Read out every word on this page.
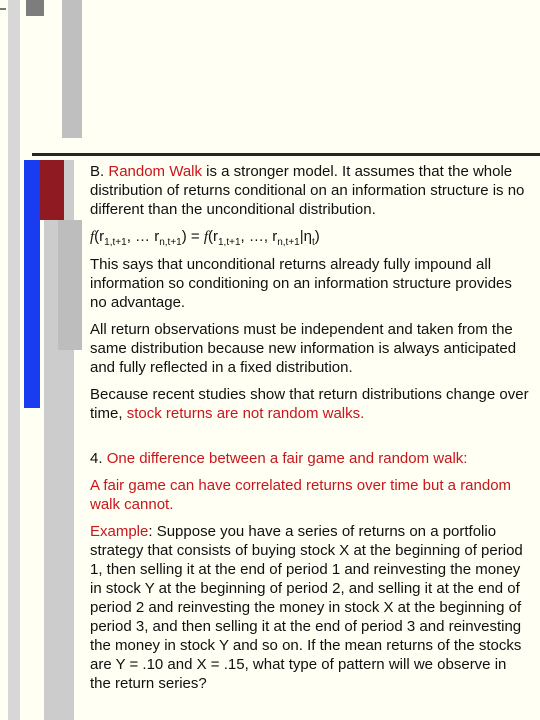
B. Random Walk is a stronger model. It assumes that the whole distribution of returns conditional on an information structure is no different than the unconditional distribution.

$f(r_{1,t+1}$, … $r_{n,t+1}) = f(r_{1,t+1}$, …, $r_{n,t+1}|\eta_t$)

This says that unconditional returns already fully impound all information so conditioning on an information structure provides no advantage.

All return observations must be independent and taken from the same distribution because new information is always anticipated and fully reflected in a fixed distribution.

Because recent studies show that return distributions change over time, stock returns are not random walks.

4. One difference between a fair game and random walk:

A fair game can have correlated returns over time but a random walk cannot.

Example: Suppose you have a series of returns on a portfolio strategy that consists of buying stock X at the beginning of period 1, then selling it at the end of period 1 and reinvesting the money in stock Y at the beginning of period 2, and selling it at the end of period 2 and reinvesting the money in stock X at the beginning of period 3, and then selling it at the end of period 3 and reinvesting the money in stock Y and so on. If the mean returns of the stocks are Y = .10 and X = .15, what type of pattern will we observe in the return series?
